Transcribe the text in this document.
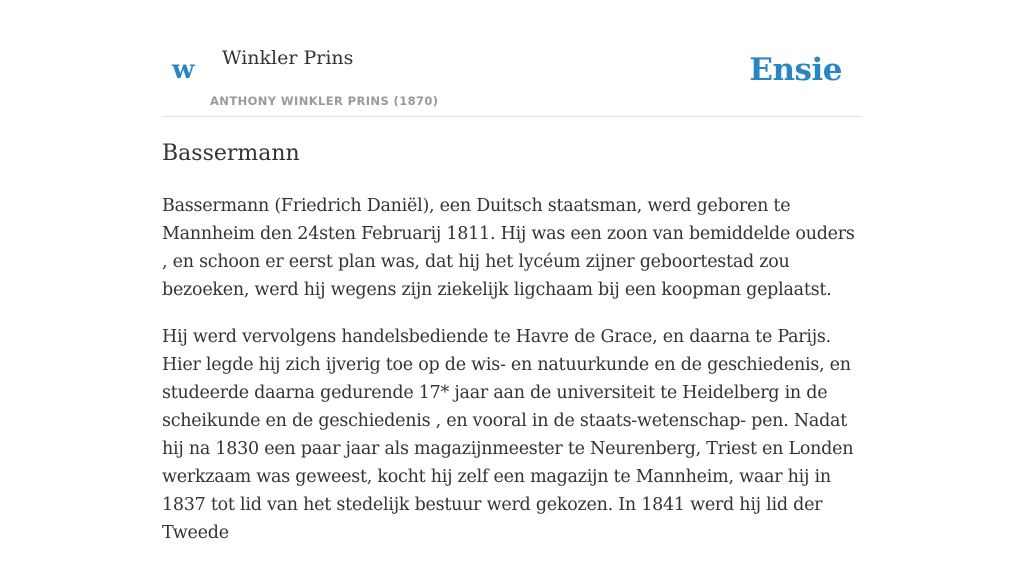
w Winkler Prins
ANTHONY WINKLER PRINS (1870)
Ensie
Bassermann

Bassermann (Friedrich Daniël), een Duitsch staatsman, werd geboren te Mannheim den 24sten Februarij 1811. Hij was een zoon van bemiddelde ouders , en schoon er eerst plan was, dat hij het lycéum zijner geboortestad zou bezoeken, werd hij wegens zijn ziekelijk ligchaam bij een koopman geplaatst.

Hij werd vervolgens handelsbediende te Havre de Grace, en daarna te Parijs. Hier legde hij zich ijverig toe op de wis- en natuurkunde en de geschiedenis, en studeerde daarna gedurende 17* jaar aan de universiteit te Heidelberg in de scheikunde en de geschiedenis , en vooral in de staats-wetenschap- pen. Nadat hij na 1830 een paar jaar als magazijnmeester te Neurenberg, Triest en Londen werkzaam was geweest, kocht hij zelf een magazijn te Mannheim, waar hij in 1837 tot lid van het stedelijk bestuur werd gekozen. In 1841 werd hij lid der Tweede
